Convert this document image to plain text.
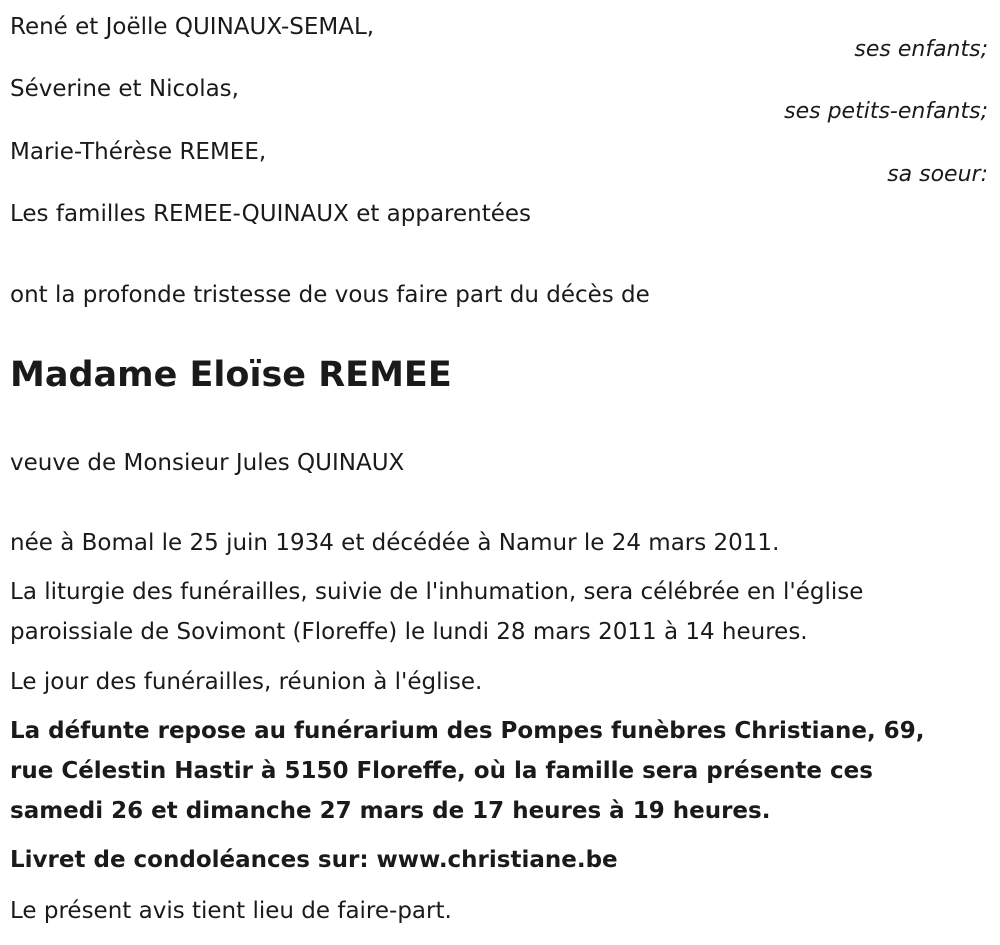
René et Joëlle QUINAUX-SEMAL,

ses enfants;

Séverine et Nicolas,

ses petits-enfants;

Marie-Thérèse REMEE,

sa soeur:

Les familles REMEE-QUINAUX et apparentées

ont la profonde tristesse de vous faire part du décès de

Madame Eloïse REMEE

veuve de Monsieur Jules QUINAUX

née à Bomal le 25 juin 1934 et décédée à Namur le 24 mars 2011.

La liturgie des funérailles, suivie de l'inhumation, sera célébrée en l'église
paroissiale de Sovimont (Floreffe) le lundi 28 mars 2011 à 14 heures.

Le jour des funérailles, réunion à l'église.

La défunte repose au funérarium des Pompes funèbres Christiane, 69,
rue Célestin Hastir à 5150 Floreffe, où la famille sera présente ces
samedi 26 et dimanche 27 mars de 17 heures à 19 heures.

Livret de condoléances sur: www.christiane.be

Le présent avis tient lieu de faire-part.
